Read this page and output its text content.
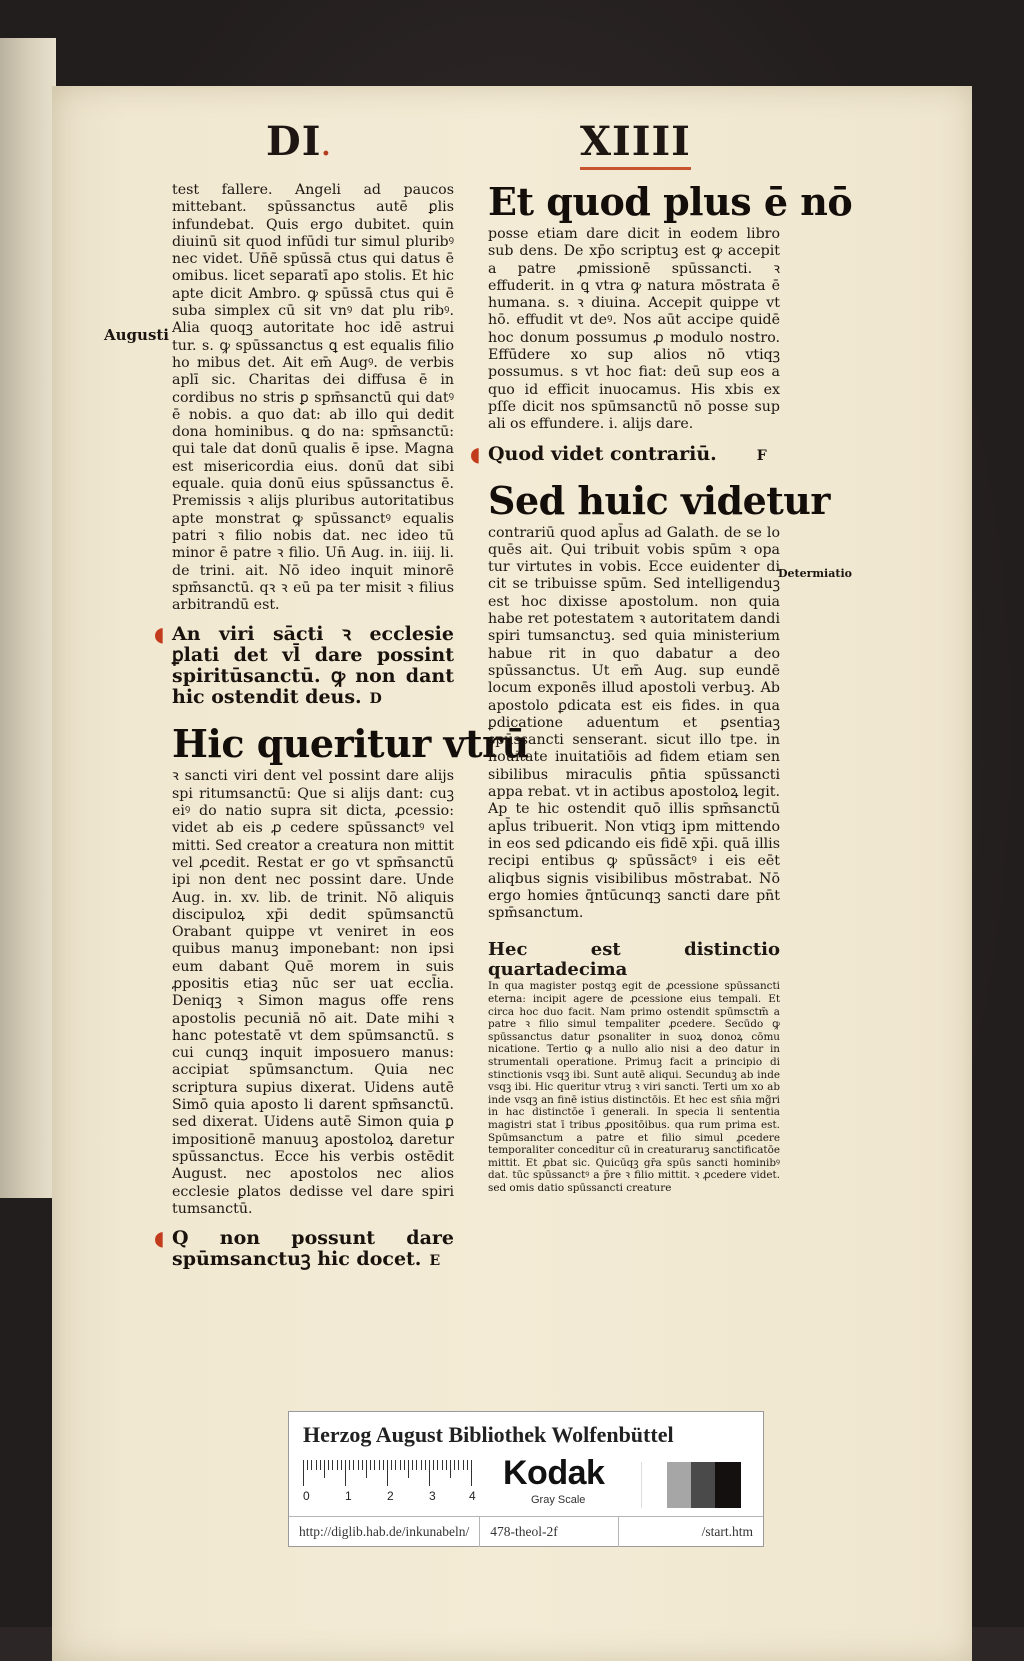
DI.	XIIII
Augusti
Determiatio

test fallere. Angeli ad paucos mittebant. spūssanctus autē ꝑlis infundebat. Quis ergo dubitet. quin diuinū sit quod infūdi tur simul pluribꝰ nec videt. Un̄ē spūssā ctus qui datus ē omibus. licet separatī apo stolis. Et hic apte dicit Ambro. ꝙ spūssā ctus qui ē suba simplex cū sit vnꝰ dat plu ribꝰ. Alia quoqꝫ autoritate hoc idē astrui tur. s. ꝙ spūssanctus ꝗ est equalis filio ho mibus det. Ait em̄ Augꝰ. de verbis aplī sic. Charitas dei diffusa ē in cordibus no stris ꝑ spm̄sanctū qui datꝰ ē nobis. a quo dat: ab illo qui dedit dona hominibus. ꝗ do na: spm̄sanctū: qui tale dat donū qualis ē ipse. Magna est misericordia eius. donū dat sibi equale. quia donū eius spūssanctus ē. Premissis ꝛ alijs pluribus autoritatibus apte monstrat ꝙ spūssanctꝰ equalis patri ꝛ filio nobis dat. nec ideo tū minor ē patre ꝛ filio. Un̄ Aug. in. iiij. li. de trini. ait. Nō ideo inquit minorē spm̄sanctū. qꝛ ꝛ eū pa ter misit ꝛ filius arbitrandū est.

◖ An viri sācti ꝛ ecclesie ꝑlati det vl̄ dare possint spiritūsanctū. ꝙ non dant hic ostendit deus. D
Hic queritur vtrū

ꝛ sancti viri dent vel possint dare alijs spi ritumsanctū: Que si alijs dant: cuꝫ eiꝰ do natio supra sit dicta, ꝓcessio: videt ab eis ꝓ cedere spūssanctꝰ vel mitti. Sed creator a creatura non mittit vel ꝓcedit. Restat er go vt spm̄sanctū ipi non dent nec possint dare. Unde Aug. in. xv. lib. de trinit. Nō aliquis discipuloꝝ xp̄i dedit spūmsanctū Orabant quippe vt veniret in eos quibus manuꝫ imponebant: non ipsi eum dabant Quē morem in suis ꝓpositis etiaꝫ nūc ser uat eccl̄ia. Deniqꝫ ꝛ Simon magus offe rens apostolis pecuniā nō ait. Date mihi ꝛ hanc potestatē vt dem spūmsanctū. s cui cunqꝫ inquit imposuero manus: accipiat spūmsanctum. Quia nec scriptura supius dixerat. Uidens autē Simō quia aposto li darent spm̄sanctū. sed dixerat. Uidens autē Simon quia ꝑ impositionē manuuꝫ apostoloꝝ daretur spūssanctus. Ecce his verbis ostēdit August. nec apostolos nec alios ecclesie ꝑlatos dedisse vel dare spiri tumsanctū.

◖ Q non possunt dare spūmsanctuꝫ hic docet. E
Et quod plus ē nō

posse etiam dare dicit in eodem libro sub dens. De xp̄o scriptuꝫ est ꝙ accepit a patre ꝓmissionē spūssancti. ꝛ effuderit. in ꝗ vtra ꝙ natura mōstrata ē humana. s. ꝛ diuina. Accepit quippe vt hō. effudit vt deꝰ. Nos aūt accipe quidē hoc donum possumus ꝓ modulo nostro. Effūdere xo sup alios nō vtiqꝫ possumus. s vt hoc fiat: deū sup eos a quo id efficit inuocamus. His xbis ex pſſe dicit nos spūmsanctū nō posse sup ali os effundere. i. alijs dare.

◖ Quod videt contrariū.	F
Sed huic videtur

contrariū quod apl̄us ad Galath. de se lo quēs ait. Qui tribuit vobis spūm ꝛ opa tur virtutes in vobis. Ecce euidenter di cit se tribuisse spūm. Sed intelligenduꝫ est hoc dixisse apostolum. non quia habe ret potestatem ꝛ autoritatem dandi spiri tumsanctuꝫ. sed quia ministerium habue rit in quo dabatur a deo spūssanctus. Ut em̄ Aug. sup eundē locum exponēs illud apostoli verbuꝫ. Ab apostolo ꝑdicata est eis fides. in qua ꝑdicatione aduentum et ꝑsentiaꝫ spūssancti senserant. sicut illo tpe. in nouitate inuitatiōis ad fidem etiam sen sibilibus miraculis ꝑn̄tia spūssancti appa rebat. vt in actibus apostoloꝝ legit. Ap te hic ostendit quō illis spm̄sanctū apl̄us tribuerit. Non vtiqꝫ ipm mittendo in eos sed ꝑdicando eis fidē xp̄i. quā illis recipi entibus ꝙ spūssāctꝰ i eis eēt aliqbus signis visibilibus mōstrabat. Nō ergo homies q̄ntūcunqꝫ sancti dare pn̄t spm̄sanctum.

Hec est distinctio quartadecima

In qua magister postqꝫ egit de ꝓcessione spūssancti eterna: incipit agere de ꝓcessione eius tempali. Et circa hoc duo facit. Nam primo ostendit spūmsctm̄ a patre ꝛ filio simul tempaliter ꝓcedere. Secūdo ꝙ spūssanctus datur ꝑsonaliter in suoꝝ donoꝝ cōmu nicatione. Tertio ꝙ a nullo alio nisi a deo datur in strumentali operatione. Primuꝫ facit a principio di stinctionis vsqꝫ ibi. Sunt autē aliqui. Secunduꝫ ab inde vsqꝫ ibi. Hic queritur vtruꝫ ꝛ viri sancti. Terti um xo ab inde vsqꝫ an finē istius distinctōis. Et hec est sn̄ia mg̃ri in hac distinctōe ī generali. In specia li sententia magistri stat ī tribus ꝓpositōibus. qua rum prima est. Spūmsanctum a patre et filio simul ꝓcedere temporaliter conceditur cū in creaturaruꝫ sanctificatōe mittit. Et ꝓbat sic. Quicūqꝫ gr̄a spūs sancti hominibꝰ dat. tūc spūssanctꝰ a p̄re ꝛ filio mittit. ꝛ ꝓcedere videt. sed omis datio spūssancti creature

Herzog August Bibliothek Wolfenbüttel
0	1	2	3	4
Kodak
Gray Scale
http://diglib.hab.de/inkunabeln/	478-theol-2f	/start.htm
